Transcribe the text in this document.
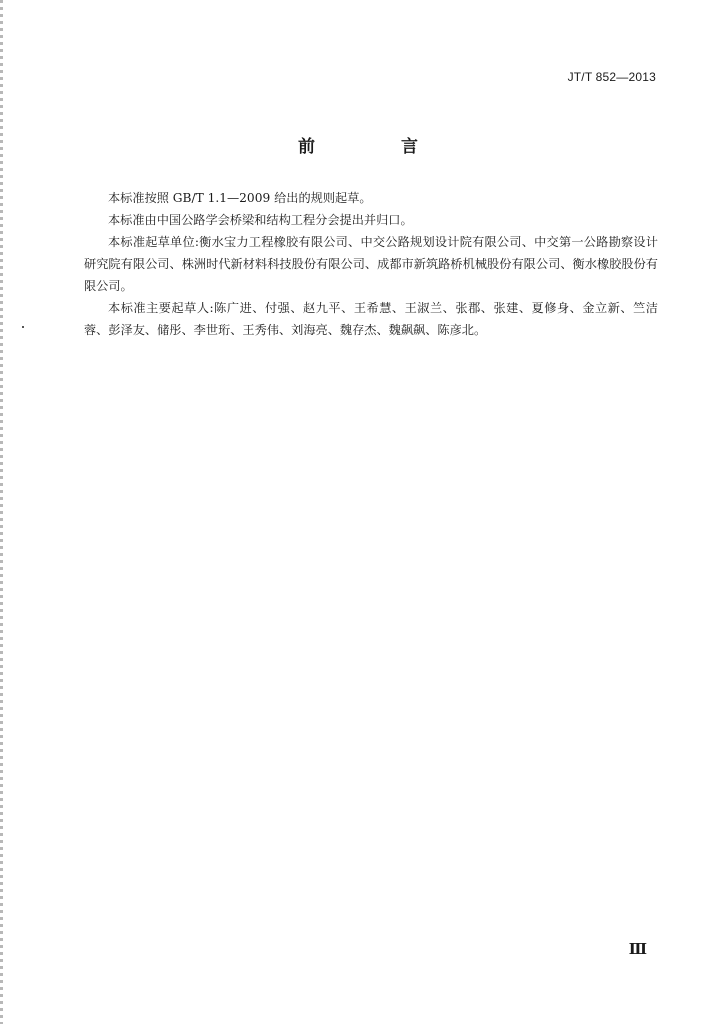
JT/T 852—2013
前 言

本标准按照 GB/T 1.1—2009 给出的规则起草。

本标准由中国公路学会桥梁和结构工程分会提出并归口。

本标准起草单位:衡水宝力工程橡胶有限公司、中交公路规划设计院有限公司、中交第一公路勘察设计研究院有限公司、株洲时代新材料科技股份有限公司、成都市新筑路桥机械股份有限公司、衡水橡胶股份有限公司。

本标准主要起草人:陈广进、付强、赵九平、王希慧、王淑兰、张郡、张建、夏修身、金立新、竺洁蓉、彭泽友、储彤、李世珩、王秀伟、刘海亮、魏存杰、魏飙飙、陈彦北。

Ⅲ
